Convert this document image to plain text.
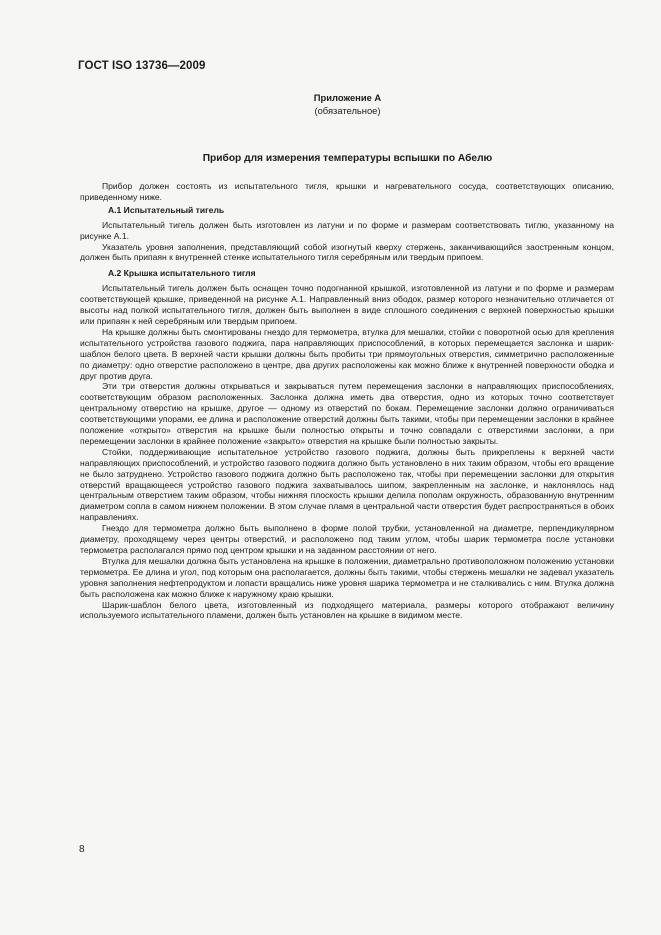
ГОСТ ISO 13736—2009
Приложение А
(обязательное)
Прибор для измерения температуры вспышки по Абелю

Прибор должен состоять из испытательного тигля, крышки и нагревательного сосуда, соответствующих описанию, приведенному ниже.

А.1 Испытательный тигель

Испытательный тигель должен быть изготовлен из латуни и по форме и размерам соответствовать тиглю, указанному на рисунке А.1.

Указатель уровня заполнения, представляющий собой изогнутый кверху стержень, заканчивающийся заостренным концом, должен быть припаян к внутренней стенке испытательного тигля серебряным или твердым припоем.

А.2 Крышка испытательного тигля

Испытательный тигель должен быть оснащен точно подогнанной крышкой, изготовленной из латуни и по форме и размерам соответствующей крышке, приведенной на рисунке А.1. Направленный вниз ободок, размер которого незначительно отличается от высоты над полкой испытательного тигля, должен быть выполнен в виде сплошного соединения с верхней поверхностью крышки или припаян к ней серебряным или твердым припоем.

На крышке должны быть смонтированы гнездо для термометра, втулка для мешалки, стойки с поворотной осью для крепления испытательного устройства газового поджига, пара направляющих приспособлений, в которых перемещается заслонка и шарик-шаблон белого цвета. В верхней части крышки должны быть пробиты три прямоугольных отверстия, симметрично расположенные по диаметру: одно отверстие расположено в центре, два других расположены как можно ближе к внутренней поверхности ободка и друг против друга.

Эти три отверстия должны открываться и закрываться путем перемещения заслонки в направляющих приспособлениях, соответствующим образом расположенных. Заслонка должна иметь два отверстия, одно из которых точно соответствует центральному отверстию на крышке, другое — одному из отверстий по бокам. Перемещение заслонки должно ограничиваться соответствующими упорами, ее длина и расположение отверстий должны быть такими, чтобы при перемещении заслонки в крайнее положение «открыто» отверстия на крышке были полностью открыты и точно совпадали с отверстиями заслонки, а при перемещении заслонки в крайнее положение «закрыто» отверстия на крышке были полностью закрыты.

Стойки, поддерживающие испытательное устройство газового поджига, должны быть прикреплены к верхней части направляющих приспособлений, и устройство газового поджига должно быть установлено в них таким образом, чтобы его вращение не было затруднено. Устройство газового поджига должно быть расположено так, чтобы при перемещении заслонки для открытия отверстий вращающееся устройство газового поджига захватывалось шипом, закрепленным на заслонке, и наклонялось над центральным отверстием таким образом, чтобы нижняя плоскость крышки делила пополам окружность, образованную внутренним диаметром сопла в самом нижнем положении. В этом случае пламя в центральной части отверстия будет распространяться в обоих направлениях.

Гнездо для термометра должно быть выполнено в форме полой трубки, установленной на диаметре, перпендикулярном диаметру, проходящему через центры отверстий, и расположено под таким углом, чтобы шарик термометра после установки термометра располагался прямо под центром крышки и на заданном расстоянии от него.

Втулка для мешалки должна быть установлена на крышке в положении, диаметрально противоположном положению установки термометра. Ее длина и угол, под которым она располагается, должны быть такими, чтобы стержень мешалки не задевал указатель уровня заполнения нефтепродуктом и лопасти вращались ниже уровня шарика термометра и не сталкивались с ним. Втулка должна быть расположена как можно ближе к наружному краю крышки.

Шарик-шаблон белого цвета, изготовленный из подходящего материала, размеры которого отображают величину используемого испытательного пламени, должен быть установлен на крышке в видимом месте.

8
